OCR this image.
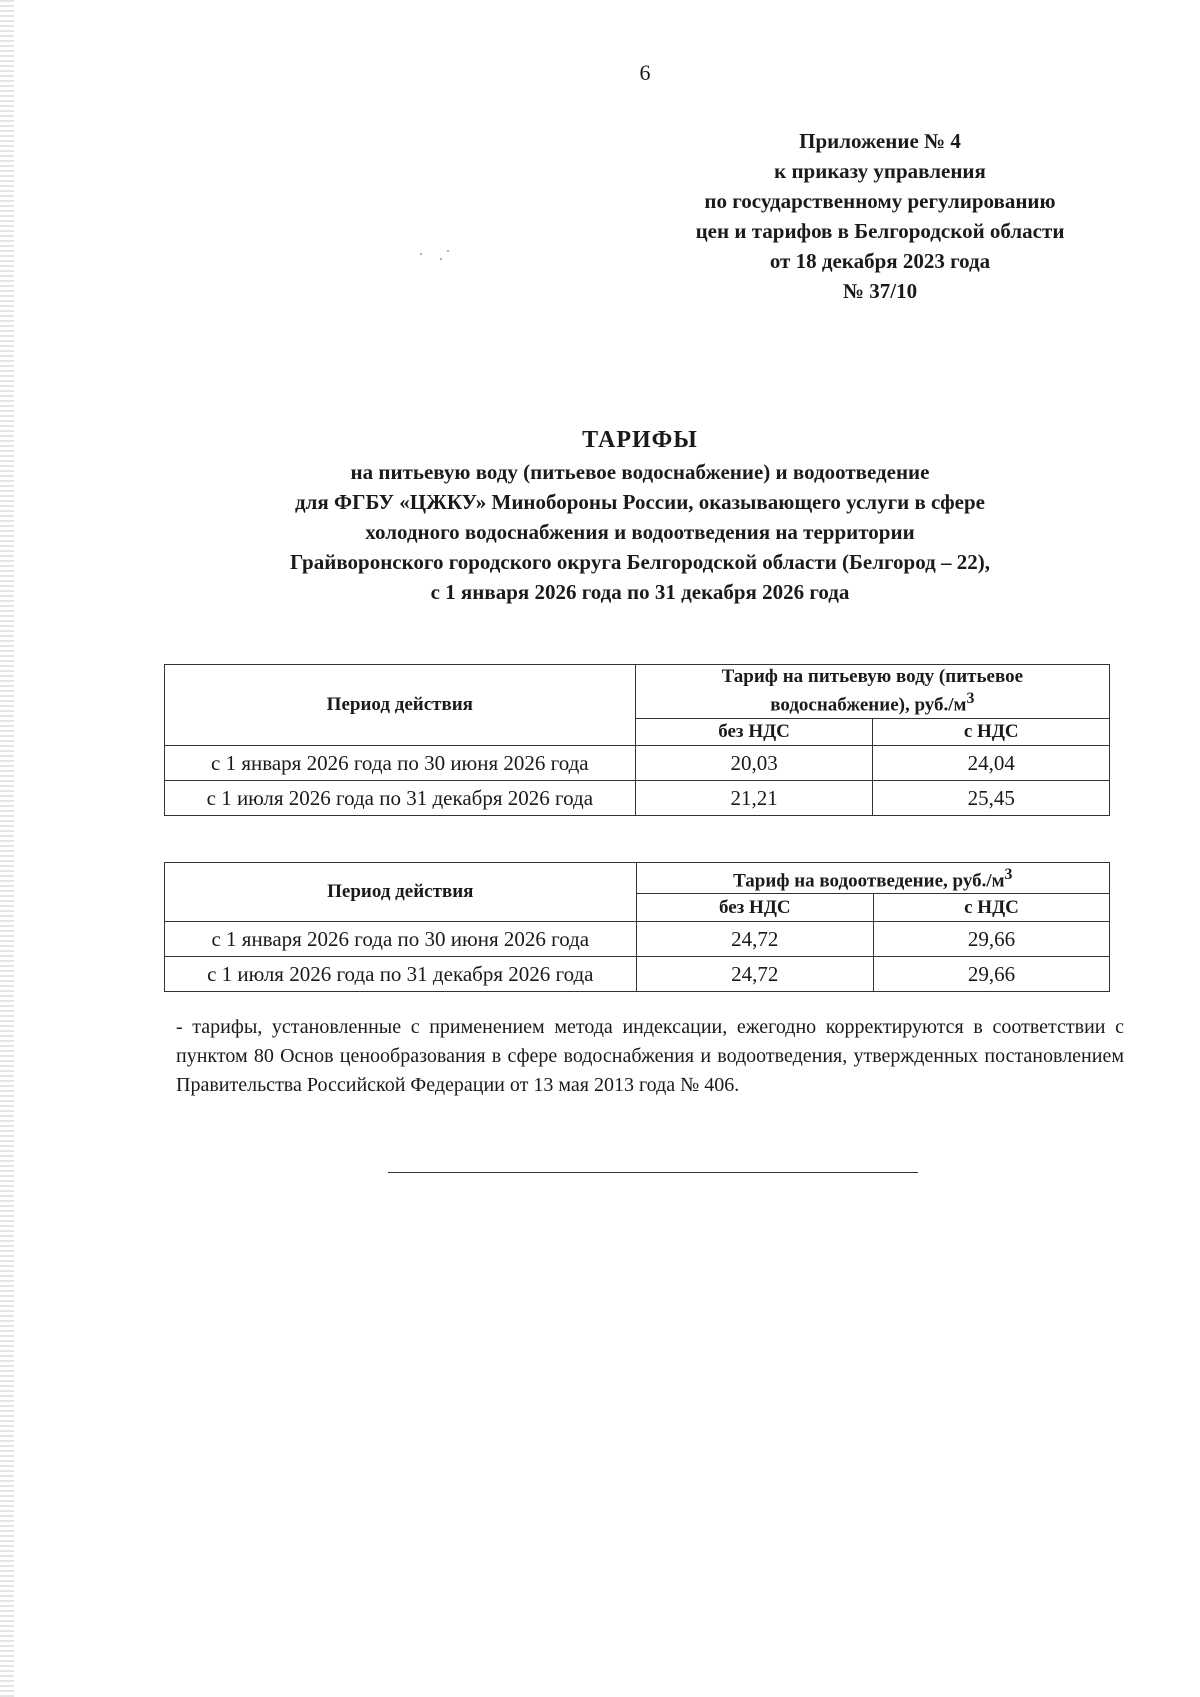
6
Приложение № 4
к приказу управления
по государственному регулированию
цен и тарифов в Белгородской области
от 18 декабря 2023 года
№ 37/10
ТАРИФЫ
на питьевую воду (питьевое водоснабжение) и водоотведение
для ФГБУ «ЦЖКУ» Минобороны России, оказывающего услуги в сфере
холодного водоснабжения и водоотведения на территории
Грайворонского городского округа Белгородской области (Белгород – 22),
с 1 января 2026 года по 31 декабря 2026 года
Период действия	Тариф на питьевую воду (питьевое
водоснабжение), $руб./м^3$
	без НДС	с НДС
с 1 января 2026 года по 30 июня 2026 года	20,03	24,04
с 1 июля 2026 года по 31 декабря 2026 года	21,21	25,45
Период действия	Тариф на водоотведение, $руб./м^3$
	без НДС	с НДС
с 1 января 2026 года по 30 июня 2026 года	24,72	29,66
с 1 июля 2026 года по 31 декабря 2026 года	24,72	29,66
- тарифы, установленные с применением метода индексации, ежегодно корректируются в соответствии с пунктом 80 Основ ценообразования в сфере водоснабжения и водоотведения, утвержденных постановлением Правительства Российской Федерации от 13 мая 2013 года № 406.
